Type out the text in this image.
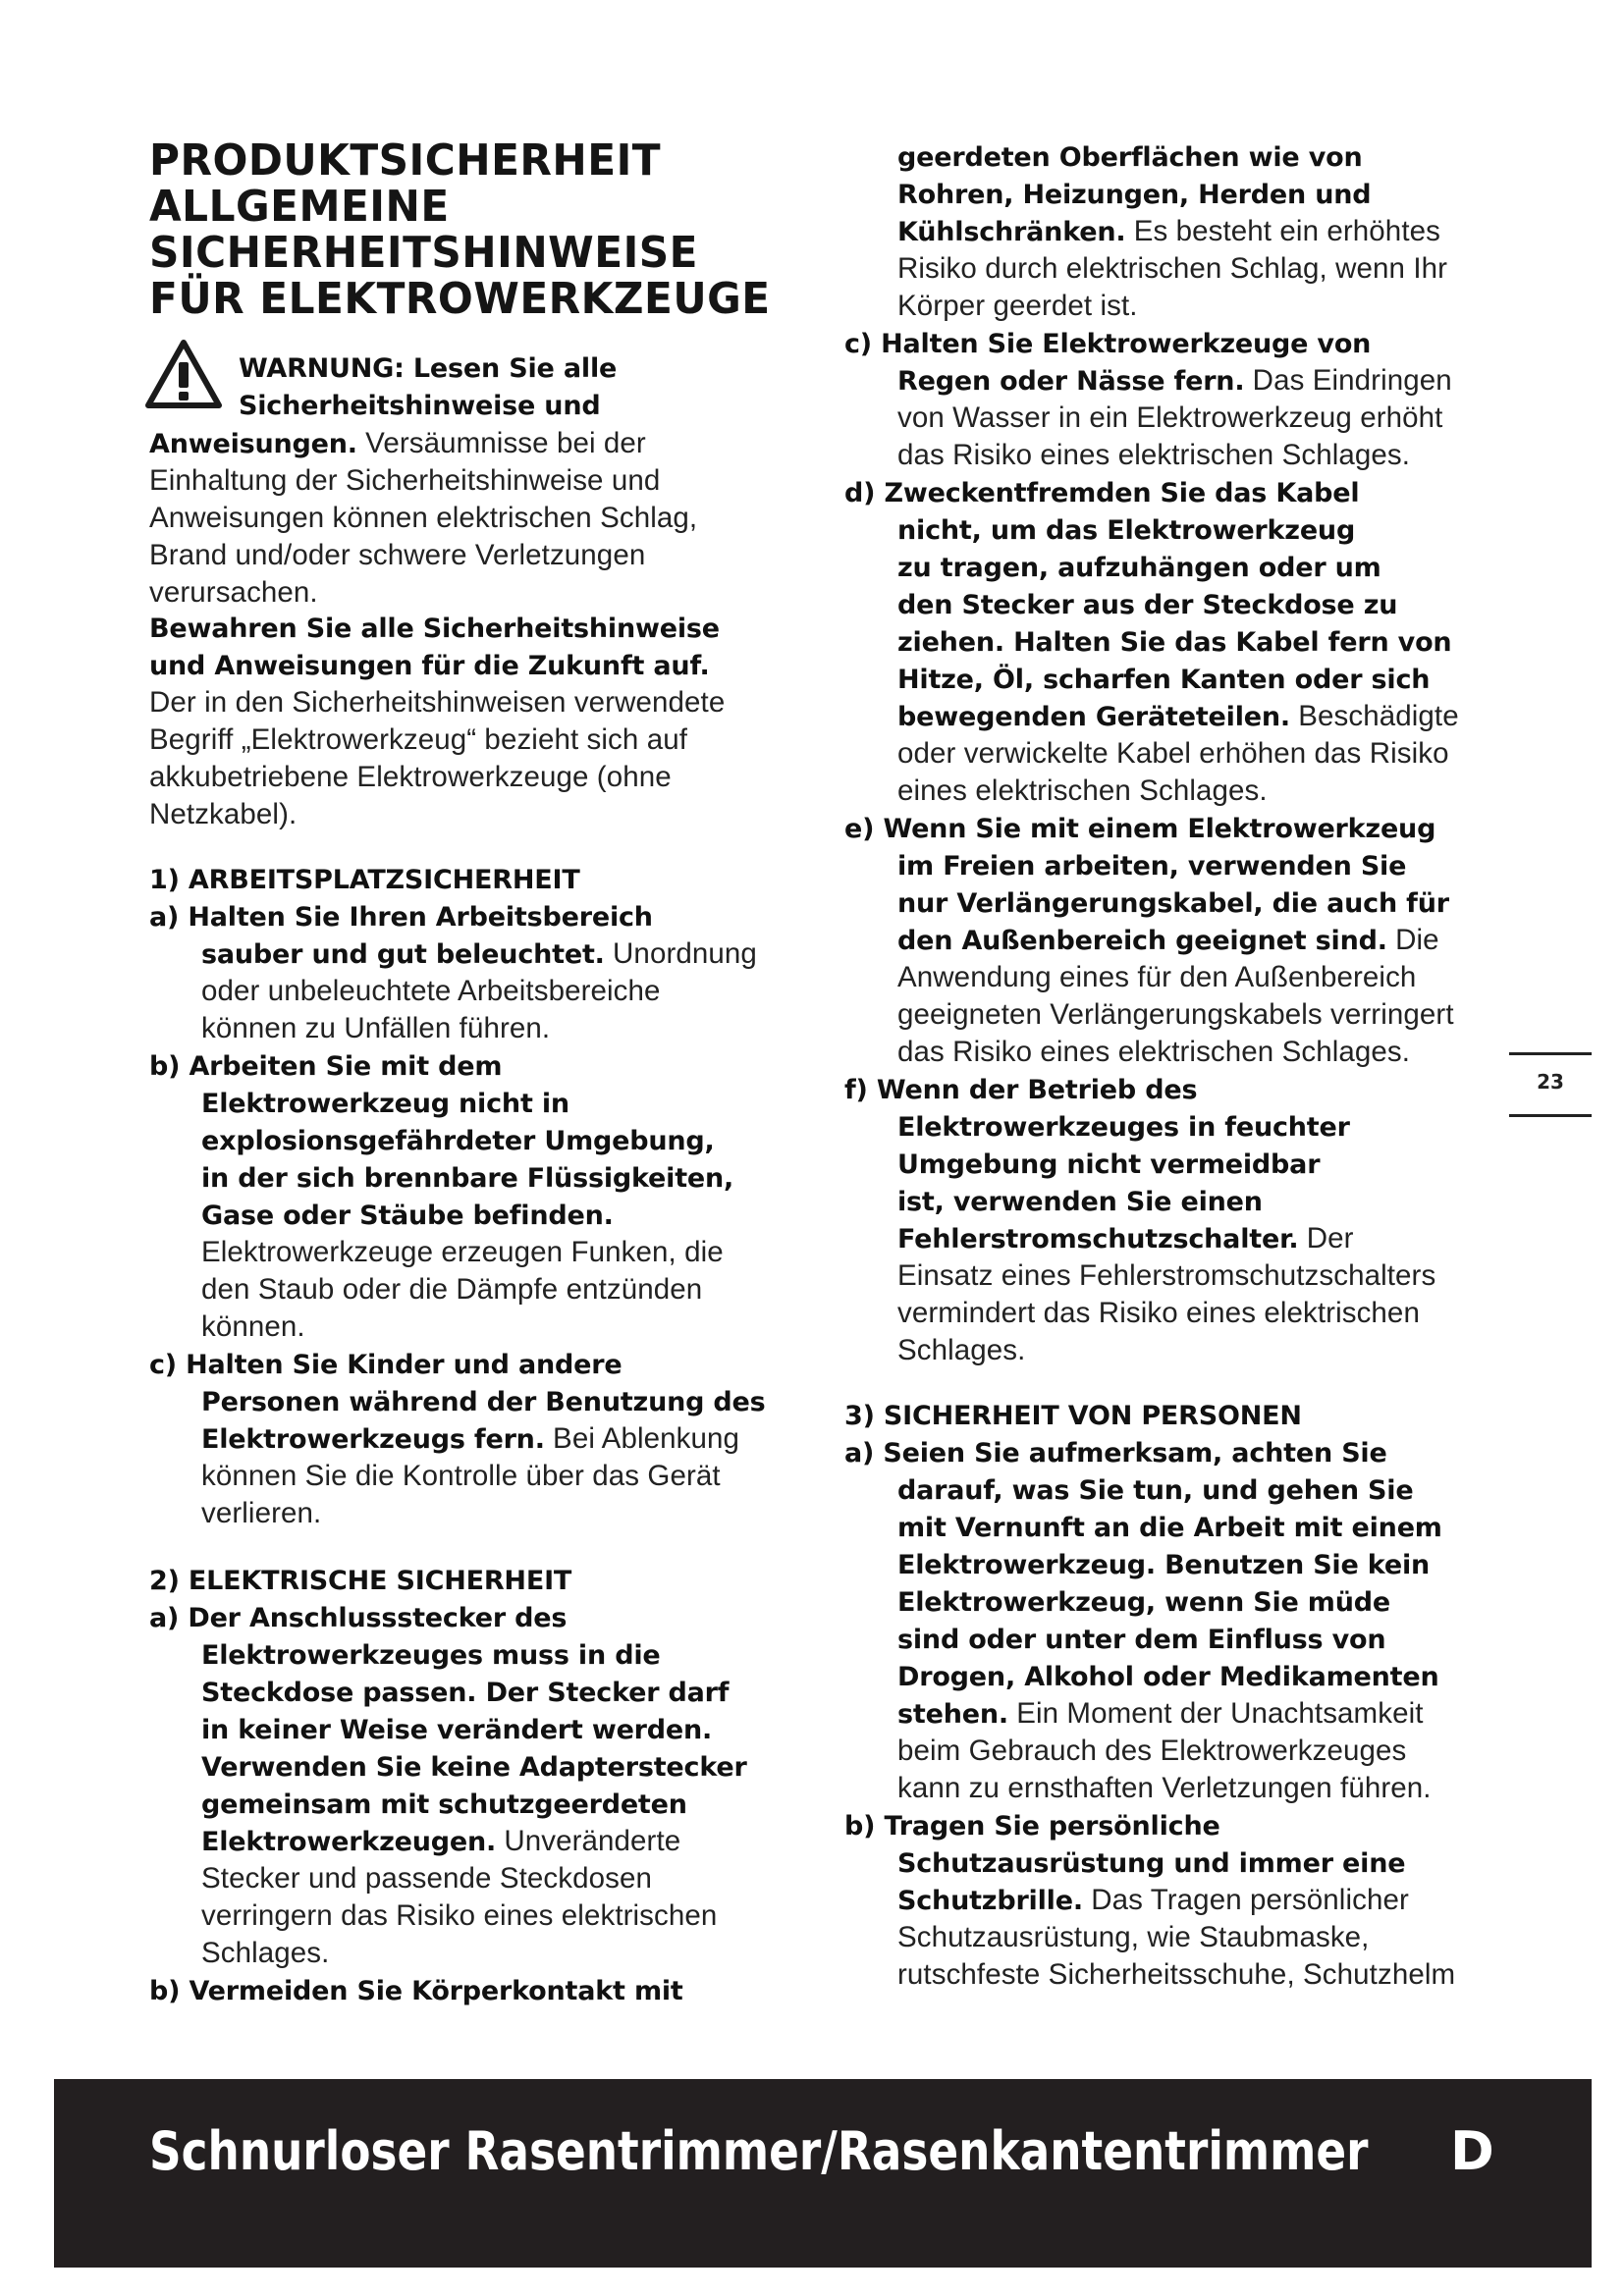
PRODUKTSICHERHEIT
ALLGEMEINE
SICHERHEITSHINWEISE
FÜR ELEKTROWERKZEUGE
WARNUNG: Lesen Sie alle
Sicherheitshinweise und
Anweisungen. Versäumnisse bei der
Einhaltung der Sicherheitshinweise und
Anweisungen können elektrischen Schlag,
Brand und/oder schwere Verletzungen
verursachen.
Bewahren Sie alle Sicherheitshinweise
und Anweisungen für die Zukunft auf.
Der in den Sicherheitshinweisen verwendete
Begriff „Elektrowerkzeug“ bezieht sich auf
akkubetriebene Elektrowerkzeuge (ohne
Netzkabel).
1) ARBEITSPLATZSICHERHEIT
a) Halten Sie Ihren Arbeitsbereich
sauber und gut beleuchtet. Unordnung
oder unbeleuchtete Arbeitsbereiche
können zu Unfällen führen.
b) Arbeiten Sie mit dem
Elektrowerkzeug nicht in
explosionsgefährdeter Umgebung,
in der sich brennbare Flüssigkeiten,
Gase oder Stäube befinden.
Elektrowerkzeuge erzeugen Funken, die
den Staub oder die Dämpfe entzünden
können.
c) Halten Sie Kinder und andere
Personen während der Benutzung des
Elektrowerkzeugs fern. Bei Ablenkung
können Sie die Kontrolle über das Gerät
verlieren.
2) ELEKTRISCHE SICHERHEIT
a) Der Anschlussstecker des
Elektrowerkzeuges muss in die
Steckdose passen. Der Stecker darf
in keiner Weise verändert werden.
Verwenden Sie keine Adapterstecker
gemeinsam mit schutzgeerdeten
Elektrowerkzeugen. Unveränderte
Stecker und passende Steckdosen
verringern das Risiko eines elektrischen
Schlages.
b) Vermeiden Sie Körperkontakt mit
geerdeten Oberflächen wie von
Rohren, Heizungen, Herden und
Kühlschränken. Es besteht ein erhöhtes
Risiko durch elektrischen Schlag, wenn Ihr
Körper geerdet ist.
c) Halten Sie Elektrowerkzeuge von
Regen oder Nässe fern. Das Eindringen
von Wasser in ein Elektrowerkzeug erhöht
das Risiko eines elektrischen Schlages.
d) Zweckentfremden Sie das Kabel
nicht, um das Elektrowerkzeug
zu tragen, aufzuhängen oder um
den Stecker aus der Steckdose zu
ziehen. Halten Sie das Kabel fern von
Hitze, Öl, scharfen Kanten oder sich
bewegenden Geräteteilen. Beschädigte
oder verwickelte Kabel erhöhen das Risiko
eines elektrischen Schlages.
e) Wenn Sie mit einem Elektrowerkzeug
im Freien arbeiten, verwenden Sie
nur Verlängerungskabel, die auch für
den Außenbereich geeignet sind. Die
Anwendung eines für den Außenbereich
geeigneten Verlängerungskabels verringert
das Risiko eines elektrischen Schlages.
f) Wenn der Betrieb des
Elektrowerkzeuges in feuchter
Umgebung nicht vermeidbar
ist, verwenden Sie einen
Fehlerstromschutzschalter. Der
Einsatz eines Fehlerstromschutzschalters
vermindert das Risiko eines elektrischen
Schlages.
3) SICHERHEIT VON PERSONEN
a) Seien Sie aufmerksam, achten Sie
darauf, was Sie tun, und gehen Sie
mit Vernunft an die Arbeit mit einem
Elektrowerkzeug. Benutzen Sie kein
Elektrowerkzeug, wenn Sie müde
sind oder unter dem Einfluss von
Drogen, Alkohol oder Medikamenten
stehen. Ein Moment der Unachtsamkeit
beim Gebrauch des Elektrowerkzeuges
kann zu ernsthaften Verletzungen führen.
b) Tragen Sie persönliche
Schutzausrüstung und immer eine
Schutzbrille. Das Tragen persönlicher
Schutzausrüstung, wie Staubmaske,
rutschfeste Sicherheitsschuhe, Schutzhelm
23
Schnurloser Rasentrimmer/Rasenkantentrimmer D
